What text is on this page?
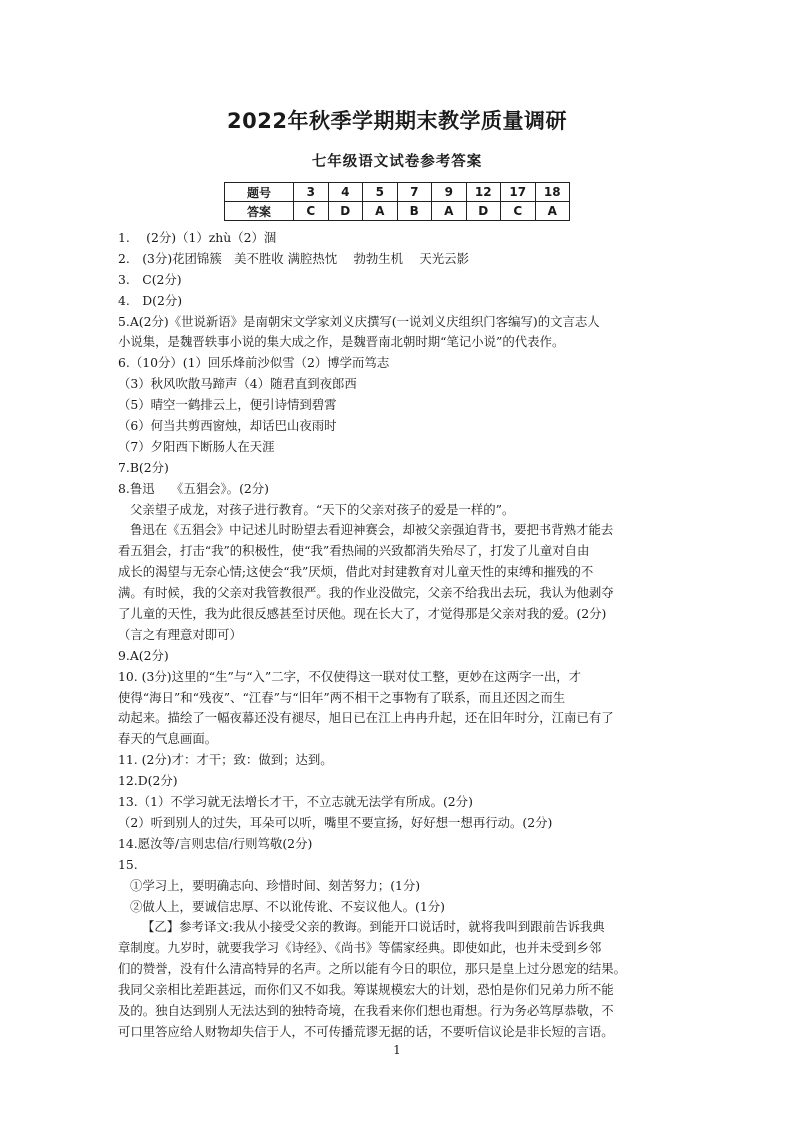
2022年秋季学期期末教学质量调研
七年级语文试卷参考答案
题号	3	4	5	7	9	12	17	18
答案	C	D	A	B	A	D	C	A
1.　 (2分)（1）zhù（2）涸
2.　(3分)花团锦簇　美不胜收 满腔热忱　 勃勃生机　 天光云影
3.　C(2分)
4.　D(2分)
5.A(2分)《世说新语》是南朝宋文学家刘义庆撰写(一说刘义庆组织门客编写)的文言志人
小说集，是魏晋轶事小说的集大成之作，是魏晋南北朝时期“笔记小说”的代表作。
6.（10分）(1）回乐烽前沙似雪（2）博学而笃志
（3）秋风吹散马蹄声（4）随君直到夜郎西
（5）晴空一鹤排云上，便引诗情到碧霄
（6）何当共剪西窗烛，却话巴山夜雨时
（7）夕阳西下断肠人在天涯
7.B(2分)
8.鲁迅　 《五猖会》。(2分)
父亲望子成龙，对孩子进行教育。“天下的父亲对孩子的爱是一样的”。
鲁迅在《五猖会》中记述儿时盼望去看迎神赛会，却被父亲强迫背书，要把书背熟才能去
看五猖会，打击“我”的积极性，使“我”看热闹的兴致都消失殆尽了，打发了儿童对自由
成长的渴望与无奈心情;这使会“我”厌烦，借此对封建教育对儿童天性的束缚和摧残的不
满。有时候，我的父亲对我管教很严。我的作业没做完，父亲不给我出去玩，我认为他剥夺
了儿童的天性，我为此很反感甚至讨厌他。现在长大了，才觉得那是父亲对我的爱。(2分)
（言之有理意对即可）
9.A(2分)
10. (3分)这里的“生”与“入”二字，不仅使得这一联对仗工整，更妙在这两字一出，才
使得“海日”和“残夜”、“江春”与“旧年”两不相干之事物有了联系，而且还因之而生
动起来。描绘了一幅夜幕还没有褪尽，旭日已在江上冉冉升起，还在旧年时分，江南已有了
春天的气息画面。
11. (2分)才：才干；致：做到；达到。
12.D(2分)
13.（1）不学习就无法增长才干，不立志就无法学有所成。(2分)
（2）听到别人的过失，耳朵可以听，嘴里不要宣扬，好好想一想再行动。(2分)
14.愿汝等/言则忠信/行则笃敬(2分)
15.
①学习上，要明确志向、珍惜时间、刻苦努力；(1分)
②做人上，要诚信忠厚、不以讹传讹、不妄议他人。(1分)
【乙】参考译文:我从小接受父亲的教诲。到能开口说话时，就将我叫到跟前告诉我典
章制度。九岁时，就要我学习《诗经》、《尚书》等儒家经典。即使如此，也并未受到乡邻
们的赞誉，没有什么清高特异的名声。之所以能有今日的职位，那只是皇上过分恩宠的结果。
我同父亲相比差距甚远，而你们又不如我。筹谋规模宏大的计划，恐怕是你们兄弟力所不能
及的。独自达到别人无法达到的独特奇境，在我看来你们想也甭想。行为务必笃厚恭敬，不
可口里答应给人财物却失信于人，不可传播荒谬无据的话，不要听信议论是非长短的言语。
1
